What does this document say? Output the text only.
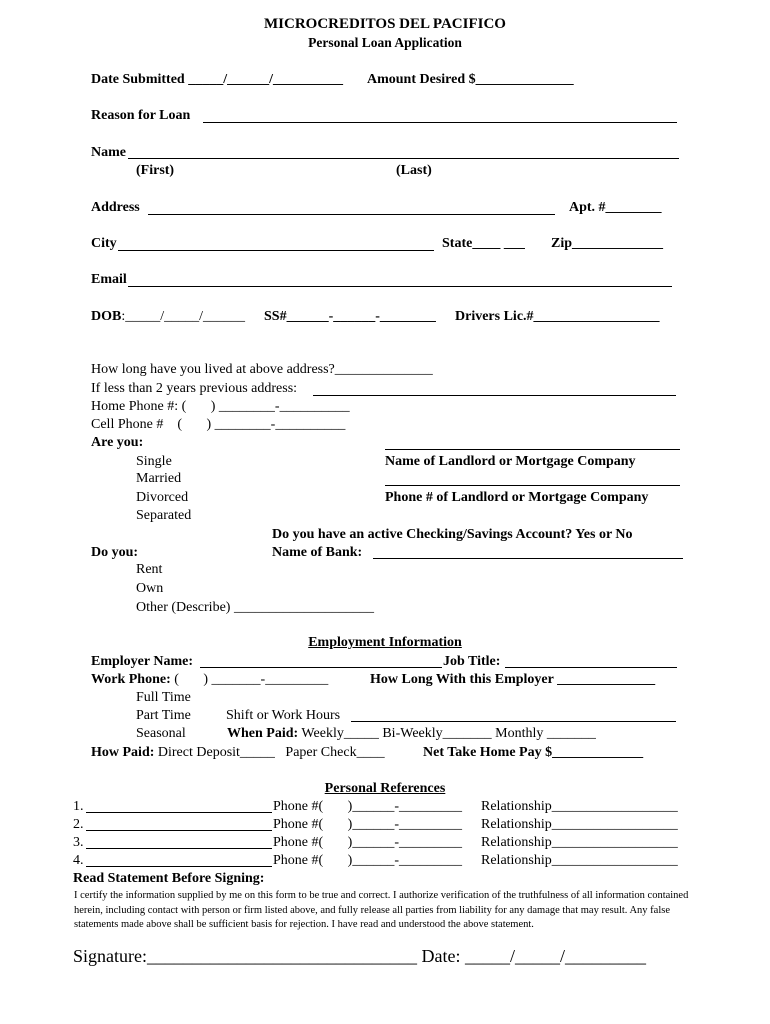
MICROCREDITOS DEL PACIFICO
Personal Loan Application
Date Submitted _____/______/__________ Amount Desired $______________
Reason for Loan
Name
(First)	(Last)
Address	Apt. #________
City	State____ ___ Zip_____________
Email
DOB:_____/_____/______ SS#______-______-________ Drivers Lic.#__________________
How long have you lived at above address?______________
If less than 2 years previous address:
Home Phone #: (       ) ________-__________
Cell Phone #    (       ) ________-__________
Are you:
Single
Married
Divorced
Separated
Name of Landlord or Mortgage Company
Phone # of Landlord or Mortgage Company
Do you have an active Checking/Savings Account? Yes or No
Name of Bank:
Do you:
Rent
Own
Other (Describe) ____________________
Employment Information
Employer Name:	Job Title:
Work Phone: (       ) _______-_________	How Long With this Employer ______________
Full Time
Part Time
Seasonal
Shift or Work Hours
When Paid: Weekly_____ Bi-Weekly_______ Monthly _______
How Paid: Direct Deposit_____   Paper Check____	Net Take Home Pay $_____________
Personal References
1.	Phone #(       )______-_________ Relationship__________________
2.	Phone #(       )______-_________ Relationship__________________
3.	Phone #(       )______-_________ Relationship__________________
4.	Phone #(       )______-_________ Relationship__________________
Read Statement Before Signing:
I certify the information supplied by me on this form to be true and correct. I authorize verification of the truthfulness of all information contained herein, including contact with person or firm listed above, and fully release all parties from liability for any damage that may result. Any false statements made above shall be sufficient basis for rejection. I have read and understood the above statement.
Signature:______________________________ Date: _____/_____/_________
